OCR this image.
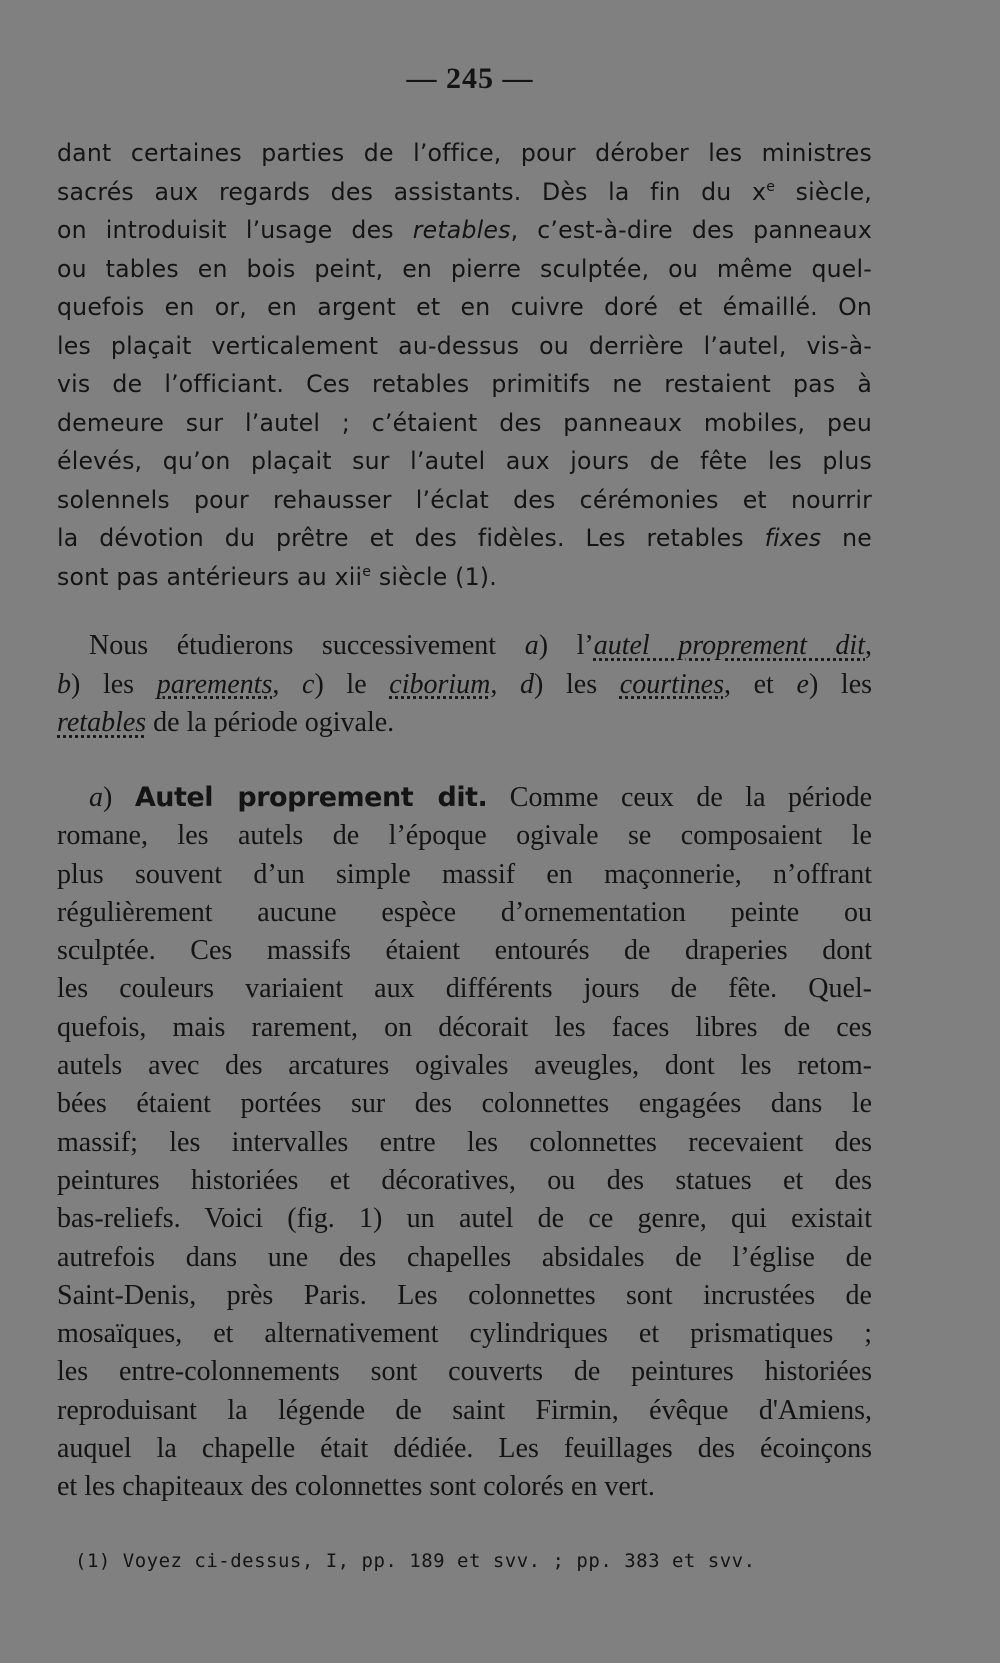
— 245 —
dant certaines parties de l’office, pour dérober les ministres
sacrés aux regards des assistants. Dès la fin du $x^e$ siècle,
on introduisit l’usage des retables, c’est-à-dire des panneaux
ou tables en bois peint, en pierre sculptée, ou même quel-
quefois en or, en argent et en cuivre doré et émaillé. On
les plaçait verticalement au-dessus ou derrière l’autel, vis-à-
vis de l’officiant. Ces retables primitifs ne restaient pas à
demeure sur l’autel ; c’étaient des panneaux mobiles, peu
élevés, qu’on plaçait sur l’autel aux jours de fête les plus
solennels pour rehausser l’éclat des cérémonies et nourrir
la dévotion du prêtre et des fidèles. Les retables fixes ne
sont pas antérieurs au xii$^e$ siècle (1).
Nous étudierons successivement a) l’autel proprement dit,
b) les parements, c) le ciborium, d) les courtines, et e) les
retables de la période ogivale.
a) Autel proprement dit. Comme ceux de la période
romane, les autels de l’époque ogivale se composaient le
plus souvent d’un simple massif en maçonnerie, n’offrant
régulièrement aucune espèce d’ornementation peinte ou
sculptée. Ces massifs étaient entourés de draperies dont
les couleurs variaient aux différents jours de fête. Quel-
quefois, mais rarement, on décorait les faces libres de ces
autels avec des arcatures ogivales aveugles, dont les retom-
bées étaient portées sur des colonnettes engagées dans le
massif; les intervalles entre les colonnettes recevaient des
peintures historiées et décoratives, ou des statues et des
bas-reliefs. Voici (fig. 1) un autel de ce genre, qui existait
autrefois dans une des chapelles absidales de l’église de
Saint-Denis, près Paris. Les colonnettes sont incrustées de
mosaïques, et alternativement cylindriques et prismatiques ;
les entre-colonnements sont couverts de peintures historiées
reproduisant la légende de saint Firmin, évêque d'Amiens,
auquel la chapelle était dédiée. Les feuillages des écoinçons
et les chapiteaux des colonnettes sont colorés en vert.
(1) Voyez ci-dessus, I, pp. 189 et svv. ; pp. 383 et svv.
